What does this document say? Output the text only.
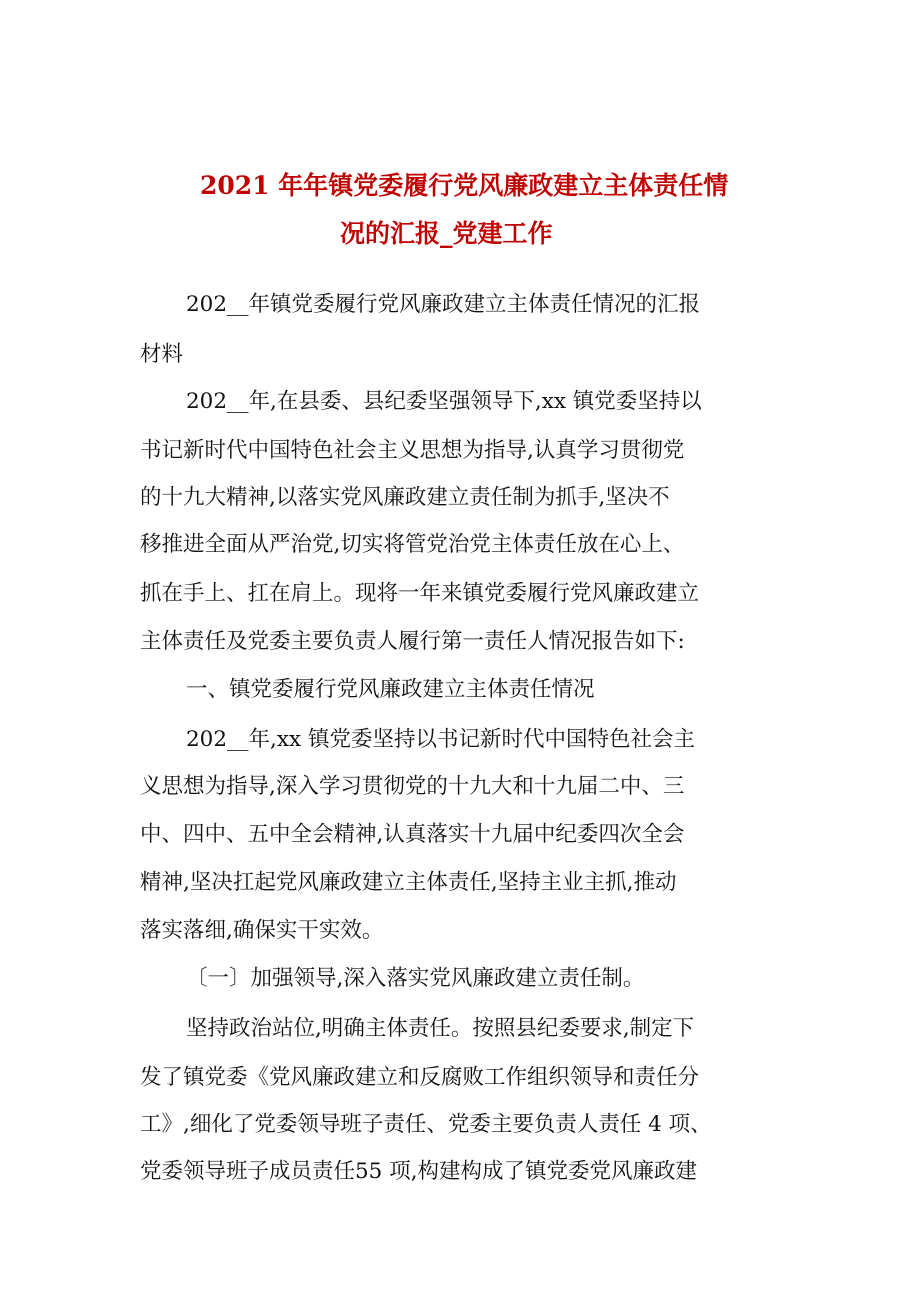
2021 年年镇党委履行党风廉政建立主体责任情
况的汇报_党建工作
202__年镇党委履行党风廉政建立主体责任情况的汇报
材料
202__年,在县委、县纪委坚强领导下,xx 镇党委坚持以
书记新时代中国特色社会主义思想为指导,认真学习贯彻党
的十九大精神,以落实党风廉政建立责任制为抓手,坚决不
移推进全面从严治党,切实将管党治党主体责任放在心上、
抓在手上、扛在肩上。现将一年来镇党委履行党风廉政建立
主体责任及党委主要负责人履行第一责任人情况报告如下:
一、镇党委履行党风廉政建立主体责任情况
202__年,xx 镇党委坚持以书记新时代中国特色社会主
义思想为指导,深入学习贯彻党的十九大和十九届二中、三
中、四中、五中全会精神,认真落实十九届中纪委四次全会
精神,坚决扛起党风廉政建立主体责任,坚持主业主抓,推动
落实落细,确保实干实效。
〔一〕加强领导,深入落实党风廉政建立责任制。
坚持政治站位,明确主体责任。按照县纪委要求,制定下
发了镇党委《党风廉政建立和反腐败工作组织领导和责任分
工》,细化了党委领导班子责任、党委主要负责人责任 4 项、
党委领导班子成员责任55 项,构建构成了镇党委党风廉政建
